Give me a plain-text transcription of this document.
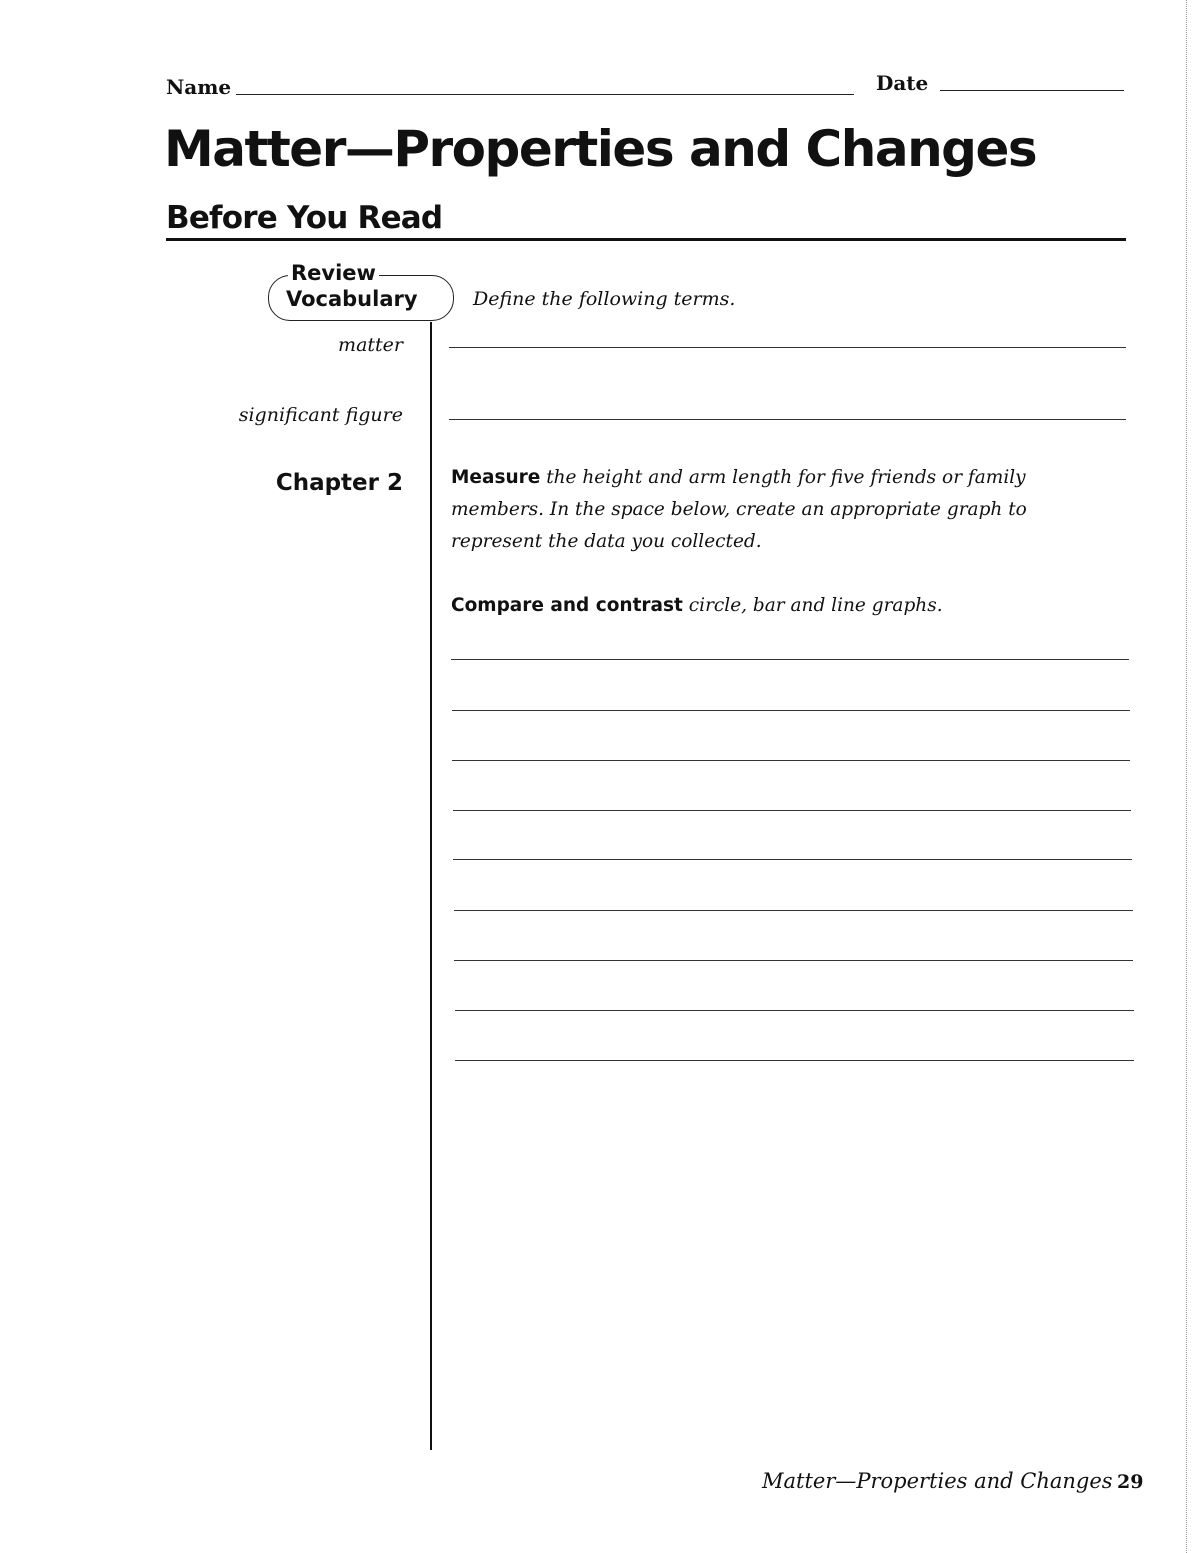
Name	Date
Matter—Properties and Changes
Before You Read
Review
Vocabulary	Define the following terms.
matter
significant figure
Chapter 2	Measure the height and arm length for five friends or family members. In the space below, create an appropriate graph to represent the data you collected.
Compare and contrast circle, bar and line graphs.
Matter—Properties and Changes 29
